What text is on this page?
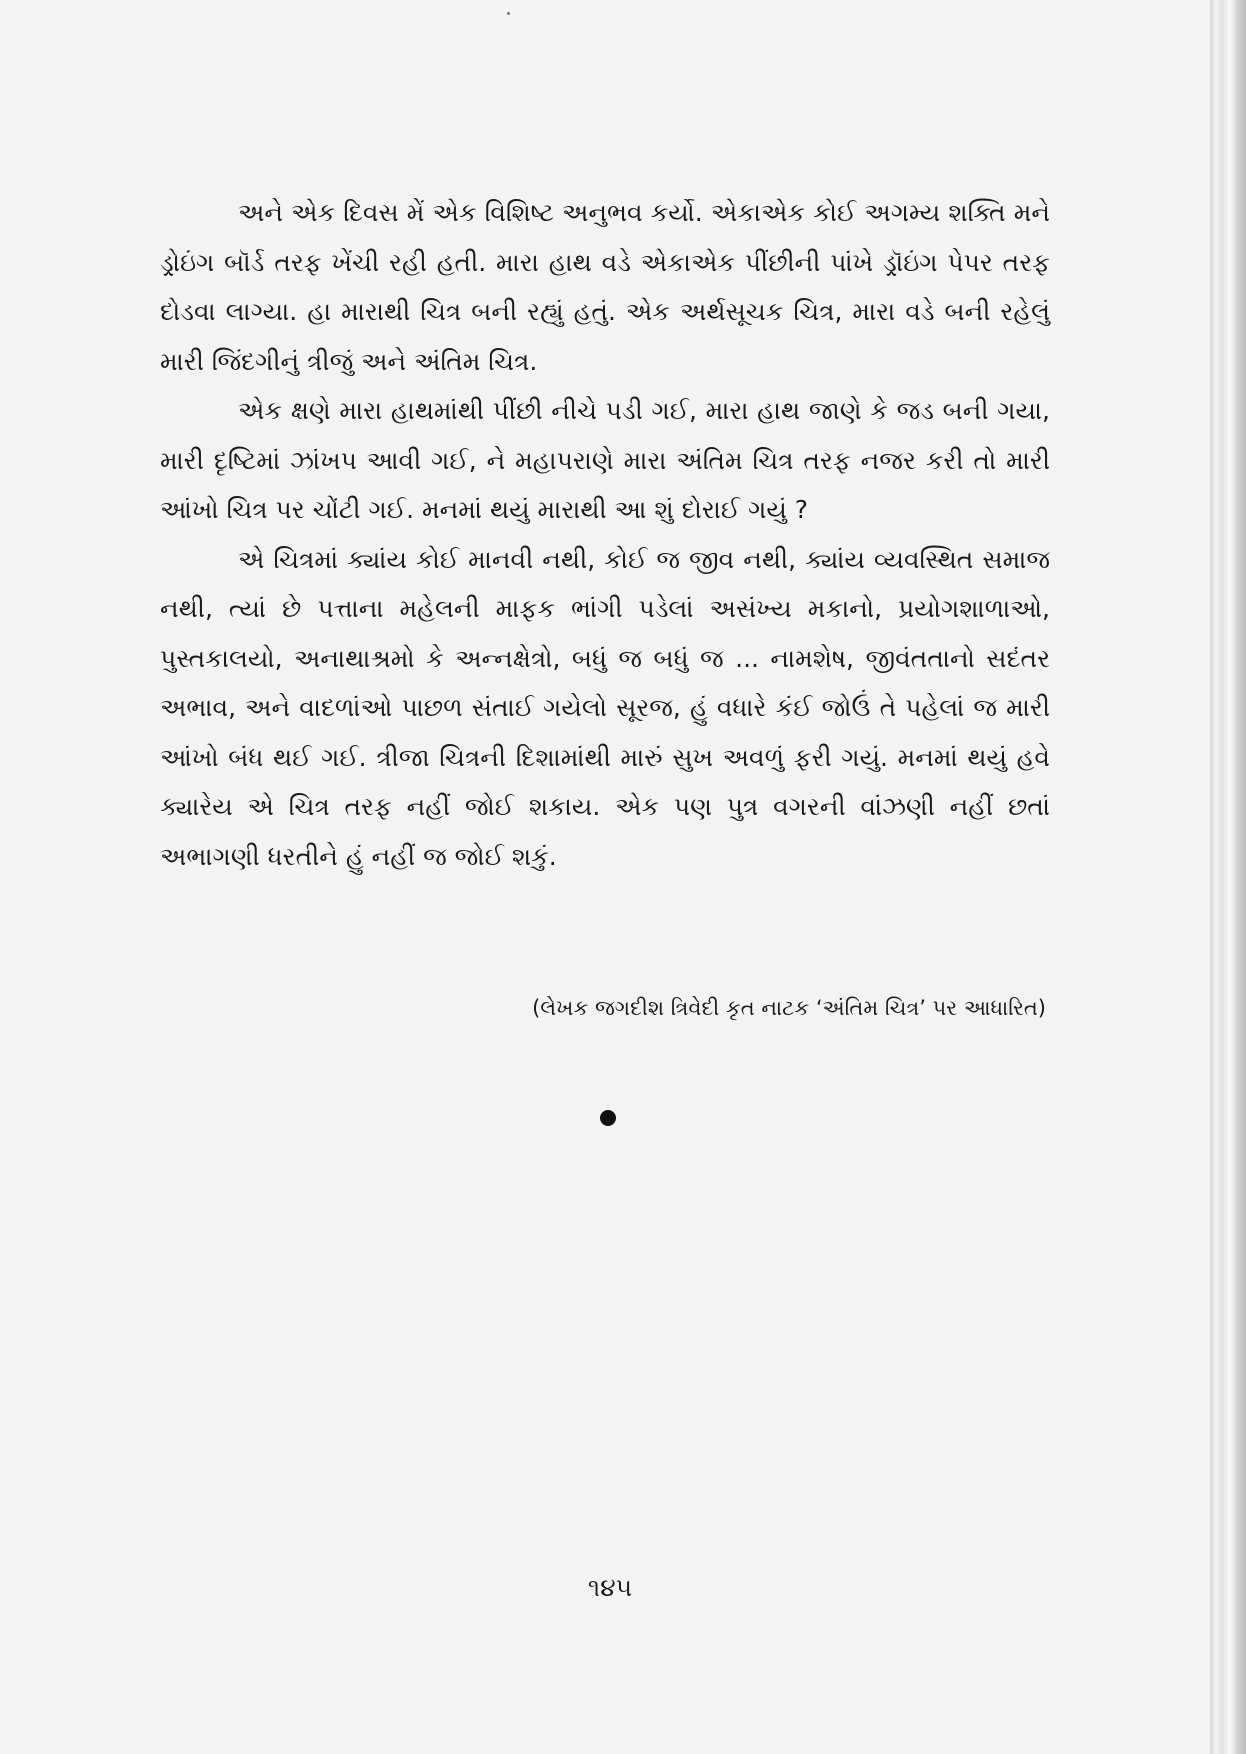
અને એક દિવસ મેં એક વિશિષ્ટ અનુભવ કર્યો. એકાએક કોઈ અગમ્ય શક્તિ મને ડ્રોઇંગ બૉર્ડ તરફ ખેંચી રહી હતી. મારા હાથ વડે એકાએક પીંછીની પાંખે ડ્રૉઇંગ પેપર તરફ દોડવા લાગ્યા. હા મારાથી ચિત્ર બની રહ્યું હતું. એક અર્થસૂચક ચિત્ર, મારા વડે બની રહેલું મારી જિંદગીનું ત્રીજું અને અંતિમ ચિત્ર.

એક ક્ષણે મારા હાથમાંથી પીંછી નીચે પડી ગઈ, મારા હાથ જાણે કે જડ બની ગયા, મારી દૃષ્ટિમાં ઝાંખપ આવી ગઈ, ને મહાપરાણે મારા અંતિમ ચિત્ર તરફ નજર કરી તો મારી આંખો ચિત્ર પર ચોંટી ગઈ. મનમાં થયું મારાથી આ શું દોરાઈ ગયું ?

એ ચિત્રમાં ક્યાંય કોઈ માનવી નથી, કોઈ જ જીવ નથી, ક્યાંય વ્યવસ્થિત સમાજ નથી, ત્યાં છે પત્તાના મહેલની માફક ભાંગી પડેલાં અસંખ્ય મકાનો, પ્રયોગશાળાઓ, પુસ્તકાલયો, અનાથાશ્રમો કે અન્નક્ષેત્રો, બધું જ બધું જ ... નામશેષ, જીવંતતાનો સદંતર અભાવ, અને વાદળાંઓ પાછળ સંતાઈ ગયેલો સૂરજ, હું વધારે કંઈ જોઉં તે પહેલાં જ મારી આંખો બંધ થઈ ગઈ. ત્રીજા ચિત્રની દિશામાંથી મારું સુખ અવળું ફરી ગયું. મનમાં થયું હવે ક્યારેય એ ચિત્ર તરફ નહીં જોઈ શકાય. એક પણ પુત્ર વગરની વાંઝણી નહીં છતાં અભાગણી ધરતીને હું નહીં જ જોઈ શકું.

(લેખક જગદીશ ત્રિવેદી કૃત નાટક ‘અંતિમ ચિત્ર’ પર આધારિત)
૧૪૫
